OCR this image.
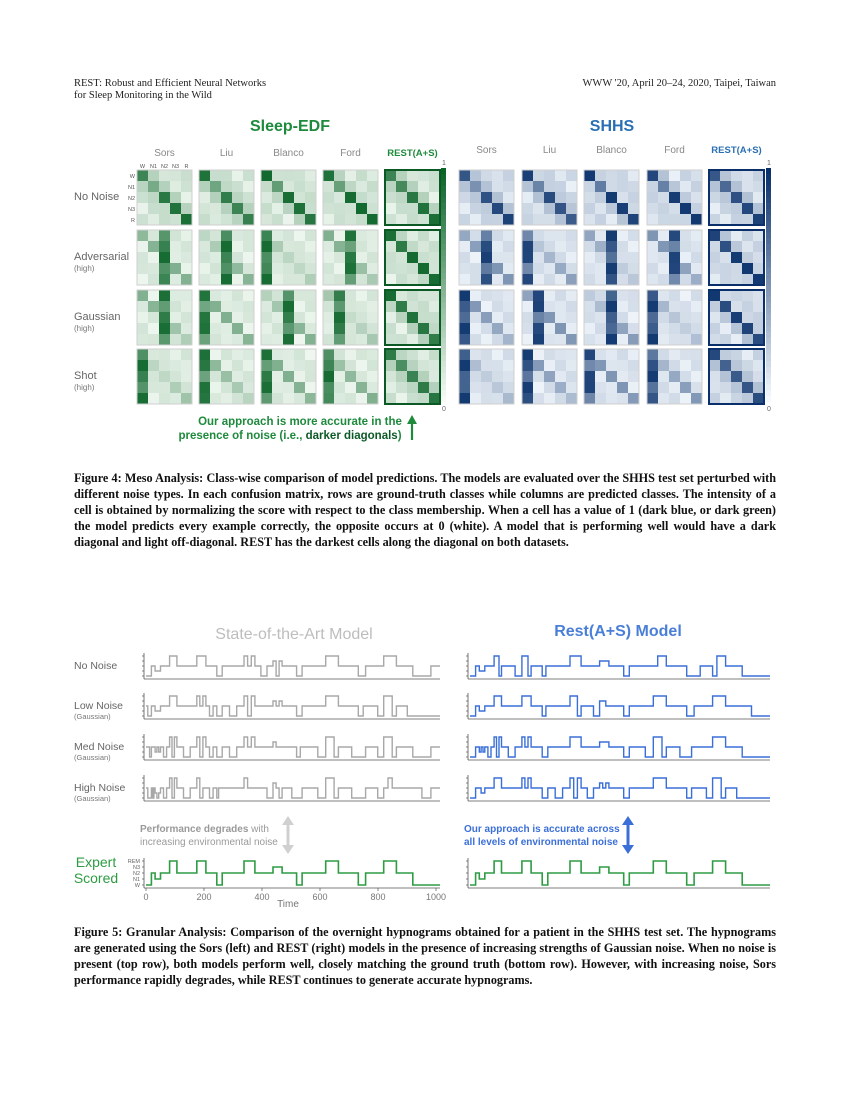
REST: Robust and Efficient Neural Networks
for Sleep Monitoring in the Wild
WWW '20, April 20–24, 2020, Taipei, Taiwan
Sleep-EDF	SHHS
No Noise
Adversarial
(high)
Gaussian
(high)
Shot
(high)
Sors	Liu	Blanco	Ford	REST(A+S)	Sors	Liu	Blanco	Ford	REST(A+S)
W
W
N1
N1
N2
N2
N3
N3
R
R
1
0
1
0
Our approach is more accurate in the
presence of noise (i.e., darker diagonals)
State-of-the-Art Model	Rest(A+S) Model
No Noise
Low Noise
(Gaussian)
Med Noise
(Gaussian)
High Noise
(Gaussian)
REM
N3
N2
N1
W
0	200	400	600	800	1000
Performance degrades with
increasing environmental noise
Our approach is accurate across
all levels of environmental noise
Expert
Scored
Time
Figure 4: Meso Analysis: Class-wise comparison of model predictions. The models are evaluated over the SHHS test set perturbed with different noise types. In each confusion matrix, rows are ground-truth classes while columns are predicted classes. The intensity of a cell is obtained by normalizing the score with respect to the class membership. When a cell has a value of 1 (dark blue, or dark green) the model predicts every example correctly, the opposite occurs at 0 (white). A model that is performing well would have a dark diagonal and light off-diagonal. REST has the darkest cells along the diagonal on both datasets.
Figure 5: Granular Analysis: Comparison of the overnight hypnograms obtained for a patient in the SHHS test set. The hypnograms are generated using the Sors (left) and REST (right) models in the presence of increasing strengths of Gaussian noise. When no noise is present (top row), both models perform well, closely matching the ground truth (bottom row). However, with increasing noise, Sors performance rapidly degrades, while REST continues to generate accurate hypnograms.
